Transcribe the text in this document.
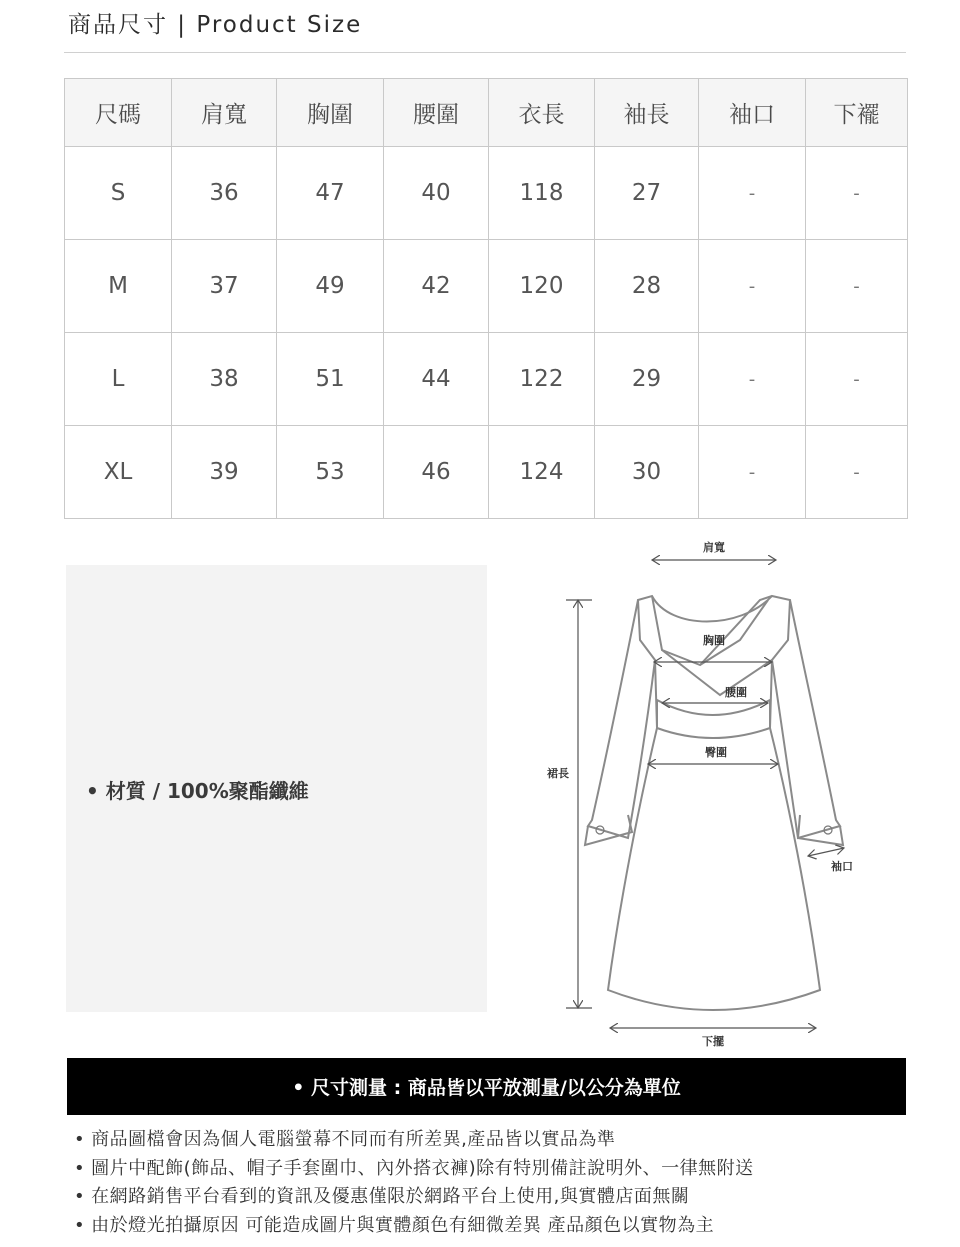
商品尺寸 | Product Size
尺碼	肩寬	胸圍	腰圍	衣長	袖長	袖口	下襬
S	36	47	40	118	27	-	-
M	37	49	42	120	28	-	-
L	38	51	44	122	29	-	-
XL	39	53	46	124	30	-	-
• 材質 / 100%聚酯纖維
肩寬
胸圍
腰圍
臀圍
裙長
袖口
下擺
• 尺寸測量 : 商品皆以平放測量/以公分為單位
• 商品圖檔會因為個人電腦螢幕不同而有所差異,產品皆以實品為準
• 圖片中配飾(飾品、帽子手套圍巾、內外搭衣褲)除有特別備註說明外、一律無附送
• 在網路銷售平台看到的資訊及優惠僅限於網路平台上使用,與實體店面無關
• 由於燈光拍攝原因 可能造成圖片與實體顏色有細微差異 產品顏色以實物為主
